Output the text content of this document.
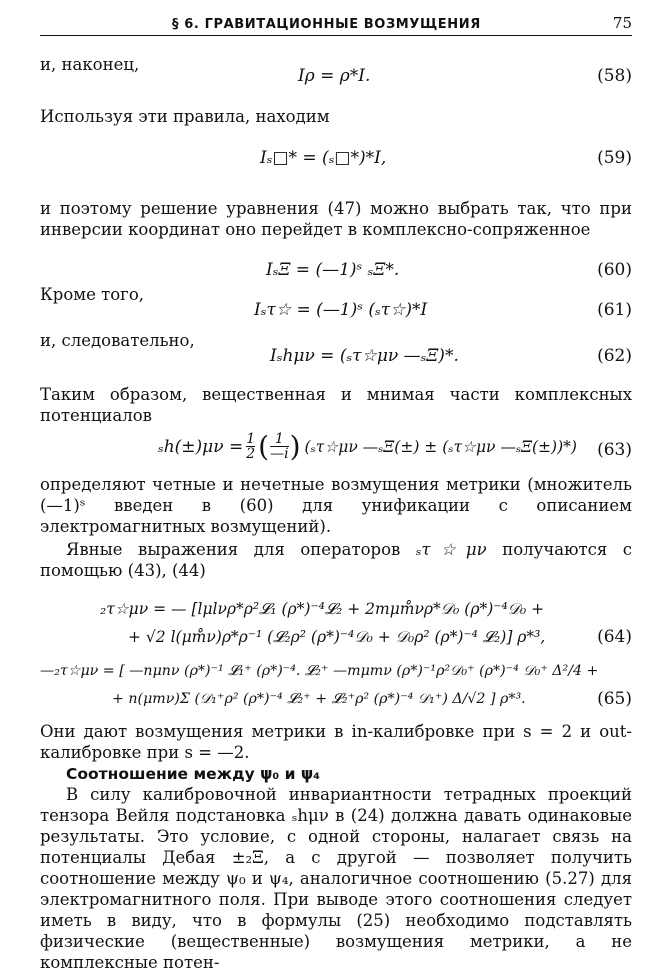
§ 6. ГРАВИТАЦИОННЫЕ ВОЗМУЩЕНИЯ	75

и, наконец,

Iρ = ρ*I.	(58)

Используя эти правила, находим

Iₛ□* = (ₛ□*)*I,	(59)

и поэтому решение уравнения (47) можно выбрать так, что при инверсии координат оно перейдет в комплексно-сопряженное

IₛΞ = (—1)ˢ ₛΞ*.	(60)

Кроме того,

Iₛτ☆ = (—1)ˢ (ₛτ☆)*I	(61)

и, следовательно,

Iₛhμν = (ₛτ☆μν —ₛΞ)*.	(62)

Таким образом, вещественная и мнимая части комплексных потенциалов

$_sh(\pm)\mu\nu = \frac{1}{2}$ ( $\frac{1}{—i}$ ) (ₛτ☆μν —ₛΞ(±) ± (ₛτ☆μν —ₛΞ(±))*) (63)

определяют четные и нечетные возмущения метрики (множитель (—1)ˢ введен в (60) для унификации с описанием электромагнитных возмущений).

Явные выражения для операторов ₛτ☆μν получаются с помощью (43), (44)

₂τ☆μν = — [lμlνρ*ρ²𝓛₁ (ρ*)⁻⁴𝓛₂ + 2mμm̊νρ*𝒟₀ (ρ*)⁻⁴𝒟₀ +
+ √2 l(μm̊ν)ρ*ρ⁻¹ (𝓛₂ρ² (ρ*)⁻⁴𝒟₀ + 𝒟₀ρ² (ρ*)⁻⁴ 𝓛₂)] ρ*³,	(64)
—₂τ☆μν = [ —nμnν (ρ*)⁻¹ 𝓛₁⁺ (ρ*)⁻⁴. 𝓛₂⁺ —mμmν (ρ*)⁻¹ρ²𝒟₀⁺ (ρ*)⁻⁴ 𝒟₀⁺ Δ²/4 +
+ n(μmν)Σ (𝒟₁⁺ρ² (ρ*)⁻⁴ 𝓛₂⁺ + 𝓛₂⁺ρ² (ρ*)⁻⁴ 𝒟₁⁺) Δ/√2 ] ρ*³.	(65)

Они дают возмущения метрики в in-калибровке при s = 2 и out-калибровке при s = —2.

Соотношение между ψ₀ и ψ₄

В силу калибровочной инвариантности тетрадных проекций тензора Вейля подстановка ₛhμν в (24) должна давать одинаковые результаты. Это условие, с одной стороны, налагает связь на потенциалы Дебая ±₂Ξ, а с другой — позволяет получить соотношение между ψ₀ и ψ₄, аналогичное соотношению (5.27) для электромагнитного поля. При выводе этого соотношения следует иметь в виду, что в формулы (25) необходимо подставлять физические (вещественные) возмущения метрики, а не комплексные потен-
